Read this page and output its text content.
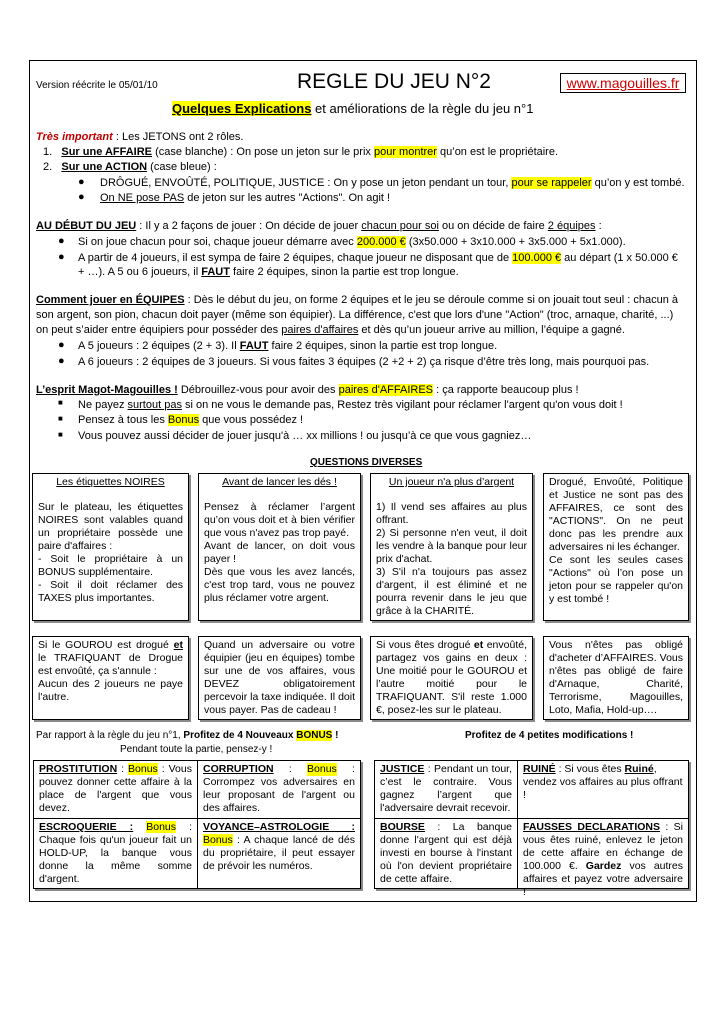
Version réécrite le 05/01/10	REGLE DU JEU N°2	www.magouilles.fr
Quelques Explications et améliorations de la règle du jeu n°1
Très important : Les JETONS ont 2 rôles.
1. Sur une AFFAIRE (case blanche) : On pose un jeton sur le prix pour montrer qu’on est le propriétaire.
2. Sur une ACTION (case bleue) :
● DRÔGUÉ, ENVOÛTÉ, POLITIQUE, JUSTICE : On y pose un jeton pendant un tour, pour se rappeler qu’on y est tombé.
● On NE pose PAS de jeton sur les autres "Actions". On agit !
AU DÉBUT DU JEU : Il y a 2 façons de jouer : On décide de jouer chacun pour soi ou on décide de faire 2 équipes :
● Si on joue chacun pour soi, chaque joueur démarre avec 200.000 € (3x50.000 + 3x10.000 + 3x5.000 + 5x1.000).
● A partir de 4 joueurs, il est sympa de faire 2 équipes, chaque joueur ne disposant que de 100.000 € au départ (1 x 50.000 €
+ …). A 5 ou 6 joueurs, il FAUT faire 2 équipes, sinon la partie est trop longue.
Comment jouer en ÉQUIPES : Dès le début du jeu, on forme 2 équipes et le jeu se déroule comme si on jouait tout seul : chacun à
son argent, son pion, chacun doit payer (même son équipier). La différence, c'est que lors d'une "Action" (troc, arnaque, charité, ...)
on peut s’aider entre équipiers pour posséder des paires d'affaires et dès qu’un joueur arrive au million, l’équipe a gagné.
● A 5 joueurs : 2 équipes (2 + 3). Il FAUT faire 2 équipes, sinon la partie est trop longue.
● A 6 joueurs : 2 équipes de 3 joueurs. Si vous faites 3 équipes (2 +2 + 2) ça risque d’être très long, mais pourquoi pas.
L’esprit Magot-Magouilles ! Débrouillez-vous pour avoir des paires d'AFFAIRES : ça rapporte beaucoup plus !
■ Ne payez surtout pas si on ne vous le demande pas, Restez très vigilant pour réclamer l'argent qu'on vous doit !
■ Pensez à tous les Bonus que vous possédez !
■ Vous pouvez aussi décider de jouer jusqu'à … xx millions ! ou jusqu’à ce que vous gagniez…
QUESTIONS DIVERSES
Les étiquettes NOIRES
Sur le plateau, les étiquettes NOIRES sont valables quand un propriétaire possède une paire d'affaires :
- Soit le propriétaire à un BONUS supplémentaire.
- Soit il doit réclamer des TAXES plus importantes.
Avant de lancer les dés !
Pensez à réclamer l’argent qu’on vous doit et à bien vérifier que vous n'avez pas trop payé.
Avant de lancer, on doit vous payer !
Dès que vous les avez lancés, c'est trop tard, vous ne pouvez plus réclamer votre argent.
Un joueur n'a plus d’argent
1) Il vend ses affaires au plus offrant.
2) Si personne n'en veut, il doit les vendre à la banque pour leur prix d'achat.
3) S'il n'a toujours pas assez d'argent, il est éliminé et ne pourra revenir dans le jeu que grâce à la CHARITÉ.
Drogué, Envoûté, Politique et Justice ne sont pas des AFFAIRES, ce sont des "ACTIONS". On ne peut donc pas les prendre aux adversaires ni les échanger.
Ce sont les seules cases "Actions" où l’on pose un jeton pour se rappeler qu'on y est tombé !
Si le GOUROU est drogué et le TRAFIQUANT de Drogue est envoûté, ça s'annule :
Aucun des 2 joueurs ne paye l'autre.
Quand un adversaire ou votre équipier (jeu en équipes) tombe sur une de vos affaires, vous DEVEZ obligatoirement percevoir la taxe indiquée. Il doit vous payer. Pas de cadeau !
Si vous êtes drogué et envoûté, partagez vos gains en deux : Une moitié pour le GOUROU et l’autre moitié pour le TRAFIQUANT. S'il reste 1.000 €, posez-les sur le plateau.
Vous n'êtes pas obligé d'acheter d’AFFAIRES. Vous n'êtes pas obligé de faire d'Arnaque, Charité, Terrorisme, Magouilles, Loto, Mafia, Hold-up….
Par rapport à la règle du jeu n°1, Profitez de 4 Nouveaux BONUS !
Pendant toute la partie, pensez-y !
Profitez de 4 petites modifications !
PROSTITUTION : Bonus : Vous pouvez donner cette affaire à la place de l'argent que vous devez.
CORRUPTION : Bonus :
Corrompez vos adversaires en leur proposant de l'argent ou des affaires.
ESCROQUERIE : Bonus : Chaque fois qu'un joueur fait un HOLD-UP, la banque vous donne la même somme d'argent.
VOYANCE–ASTROLOGIE : Bonus : A chaque lancé de dés du propriétaire, il peut essayer de prévoir les numéros.
JUSTICE : Pendant un tour, c’est le contraire. Vous gagnez l’argent que l'adversaire devrait recevoir.
RUINÉ : Si vous êtes Ruiné, vendez vos affaires au plus offrant !
BOURSE : La banque donne l'argent qui est déjà investi en bourse à l'instant où l'on devient propriétaire de cette affaire.
FAUSSES DECLARATIONS : Si vous êtes ruiné, enlevez le jeton de cette affaire en échange de 100.000 €. Gardez vos autres affaires et payez votre adversaire !
